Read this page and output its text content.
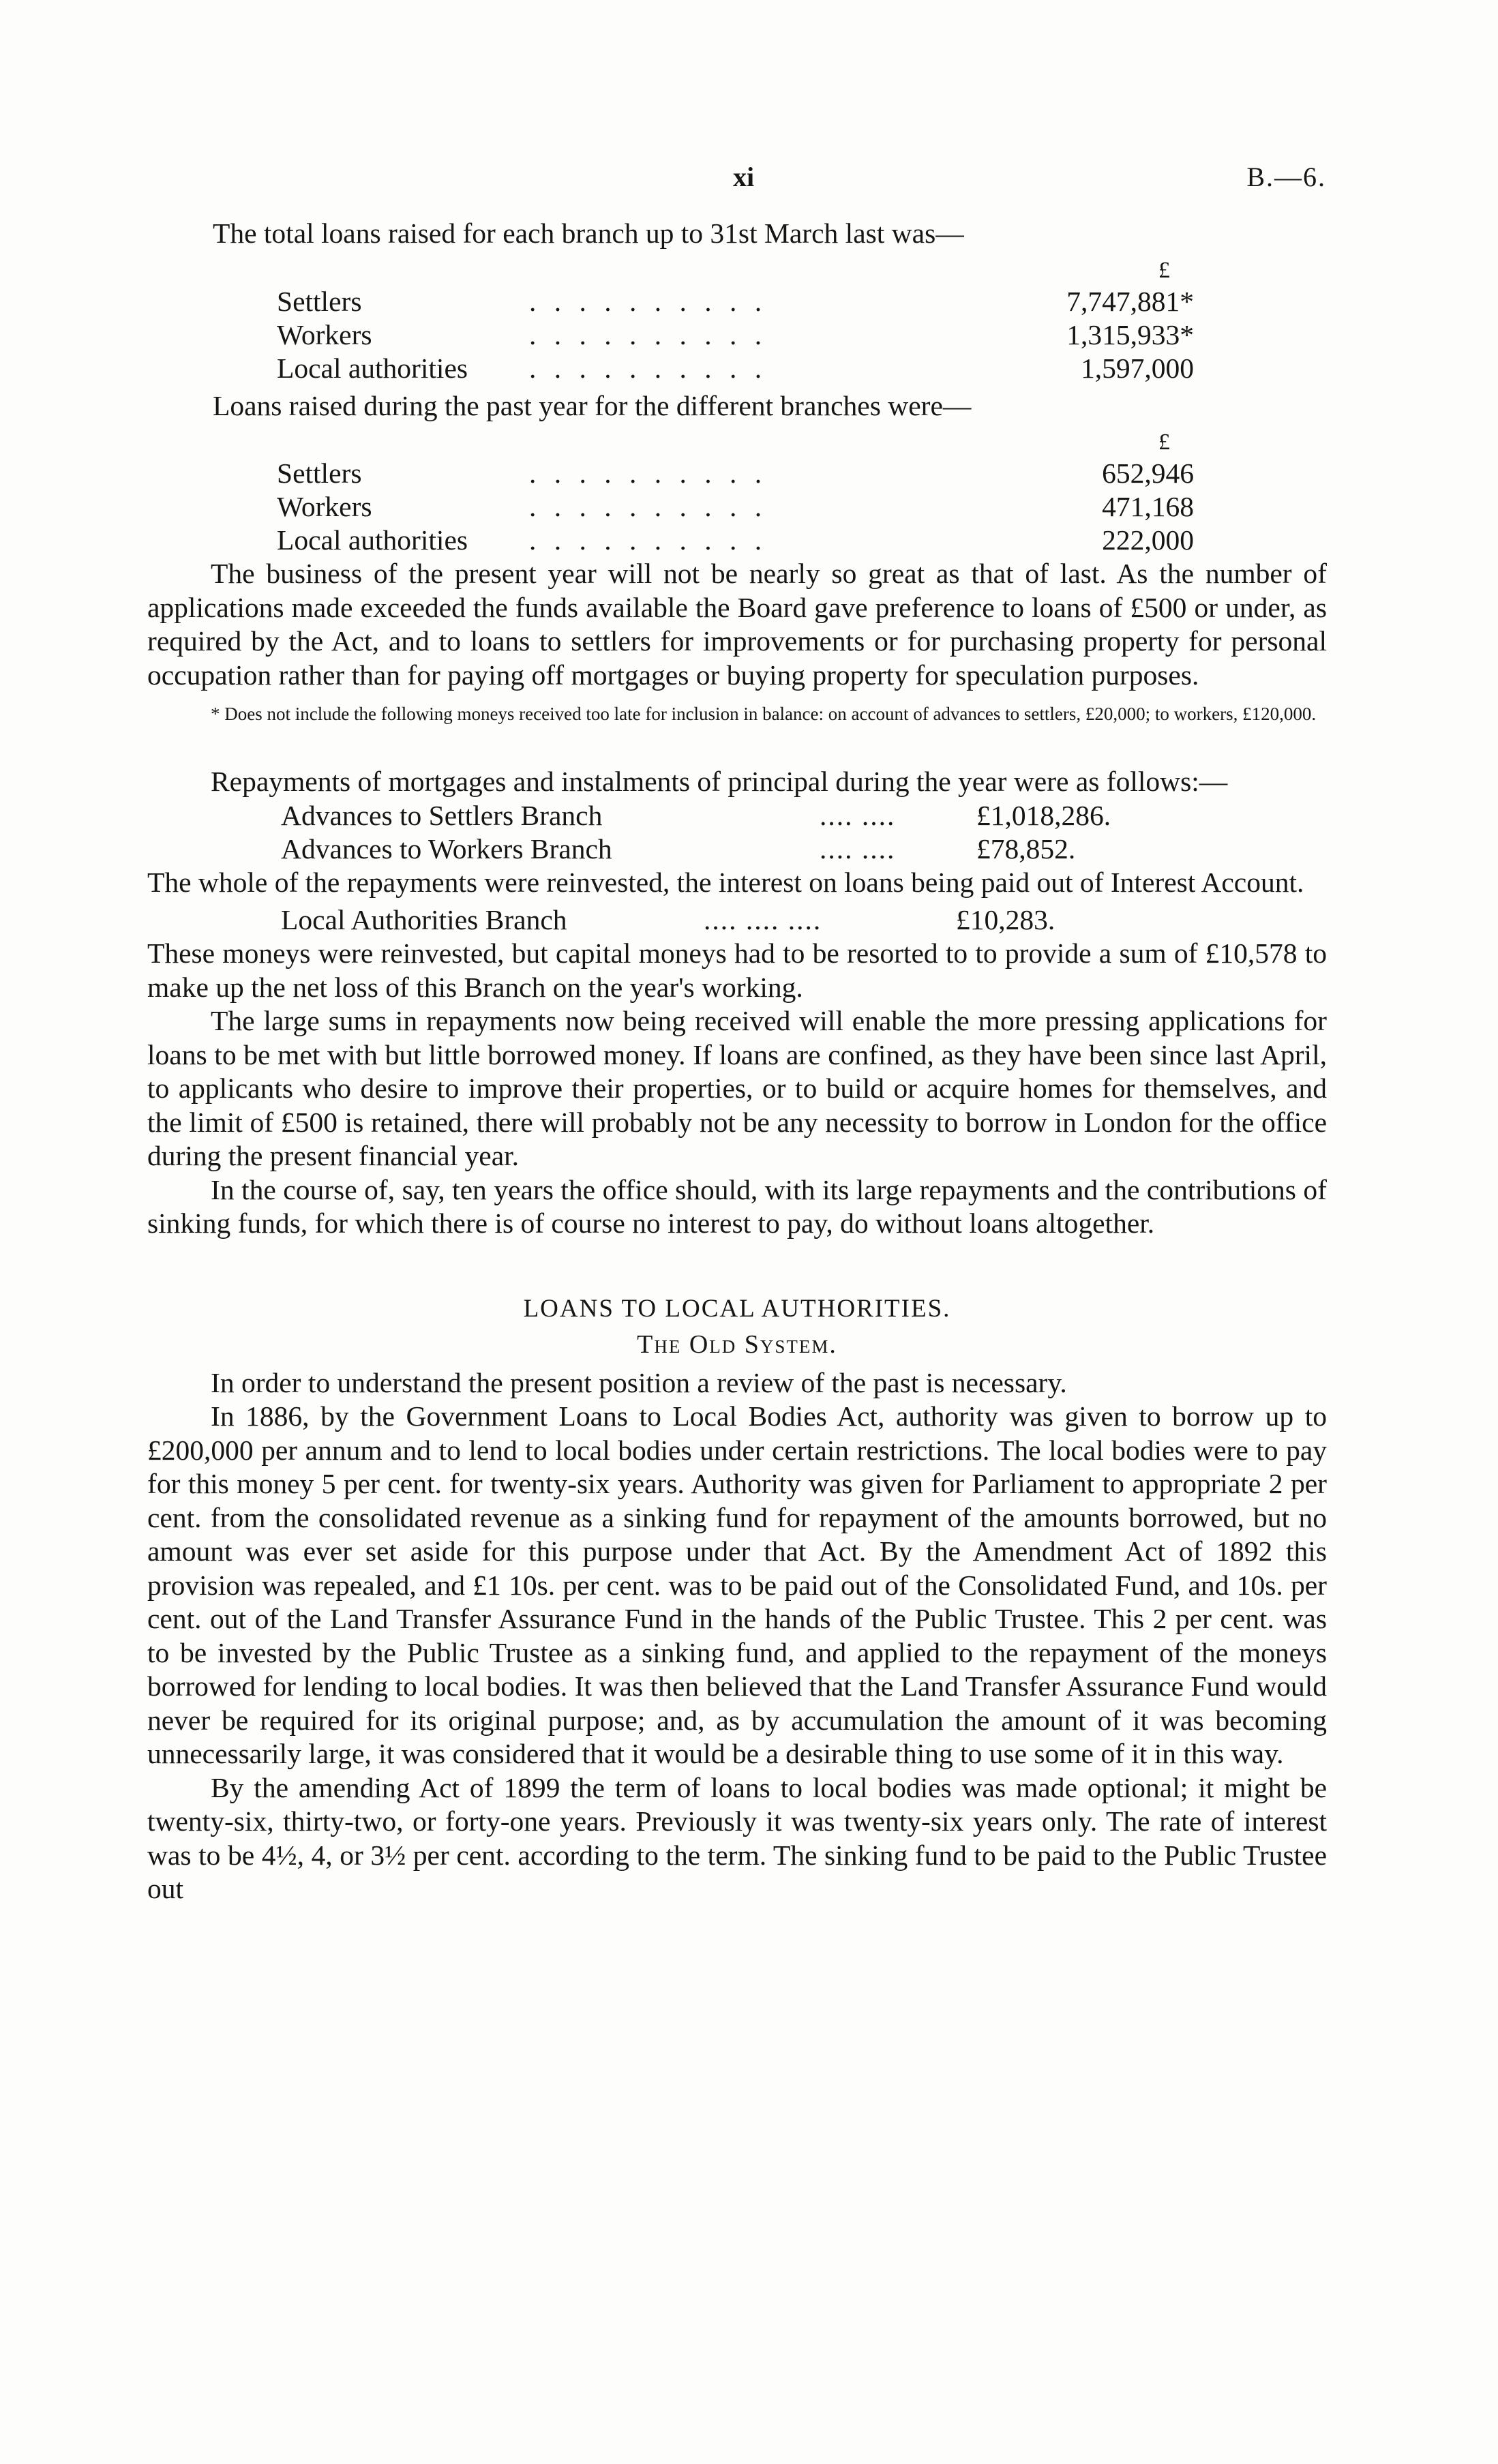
xi	B.—6.

The total loans raised for each branch up to 31st March last was—

£
Settlers	. . . . . . . . . .	7,747,881*
Workers	. . . . . . . . . .	1,315,933*
Local authorities	. . . . . . . . . .	1,597,000

Loans raised during the past year for the different branches were—

£
Settlers	. . . . . . . . . .	652,946
Workers	. . . . . . . . . .	471,168
Local authorities	. . . . . . . . . .	222,000

The business of the present year will not be nearly so great as that of last. As the number of applications made exceeded the funds available the Board gave preference to loans of £500 or under, as required by the Act, and to loans to settlers for improvements or for purchasing property for personal occupation rather than for paying off mortgages or buying property for speculation purposes.

* Does not include the following moneys received too late for inclusion in balance: on account of advances to settlers, £20,000; to workers, £120,000.

Repayments of mortgages and instalments of principal during the year were as follows:—

Advances to Settlers Branch	.... ....	£1,018,286.
Advances to Workers Branch	.... ....	£78,852.

The whole of the repayments were reinvested, the interest on loans being paid out of Interest Account.

Local Authorities Branch	.... .... ....	£10,283.

These moneys were reinvested, but capital moneys had to be resorted to to provide a sum of £10,578 to make up the net loss of this Branch on the year's working.

The large sums in repayments now being received will enable the more pressing applications for loans to be met with but little borrowed money. If loans are confined, as they have been since last April, to applicants who desire to improve their properties, or to build or acquire homes for themselves, and the limit of £500 is retained, there will probably not be any necessity to borrow in London for the office during the present financial year.

In the course of, say, ten years the office should, with its large repayments and the contributions of sinking funds, for which there is of course no interest to pay, do without loans altogether.

LOANS TO LOCAL AUTHORITIES.
The Old System.

In order to understand the present position a review of the past is necessary.

In 1886, by the Government Loans to Local Bodies Act, authority was given to borrow up to £200,000 per annum and to lend to local bodies under certain restrictions. The local bodies were to pay for this money 5 per cent. for twenty-six years. Authority was given for Parliament to appropriate 2 per cent. from the consolidated revenue as a sinking fund for repayment of the amounts borrowed, but no amount was ever set aside for this purpose under that Act. By the Amendment Act of 1892 this provision was repealed, and £1 10s. per cent. was to be paid out of the Consolidated Fund, and 10s. per cent. out of the Land Transfer Assurance Fund in the hands of the Public Trustee. This 2 per cent. was to be invested by the Public Trustee as a sinking fund, and applied to the repayment of the moneys borrowed for lending to local bodies. It was then believed that the Land Transfer Assurance Fund would never be required for its original purpose; and, as by accumulation the amount of it was becoming unnecessarily large, it was considered that it would be a desirable thing to use some of it in this way.

By the amending Act of 1899 the term of loans to local bodies was made optional; it might be twenty-six, thirty-two, or forty-one years. Previously it was twenty-six years only. The rate of interest was to be 4½, 4, or 3½ per cent. according to the term. The sinking fund to be paid to the Public Trustee out
